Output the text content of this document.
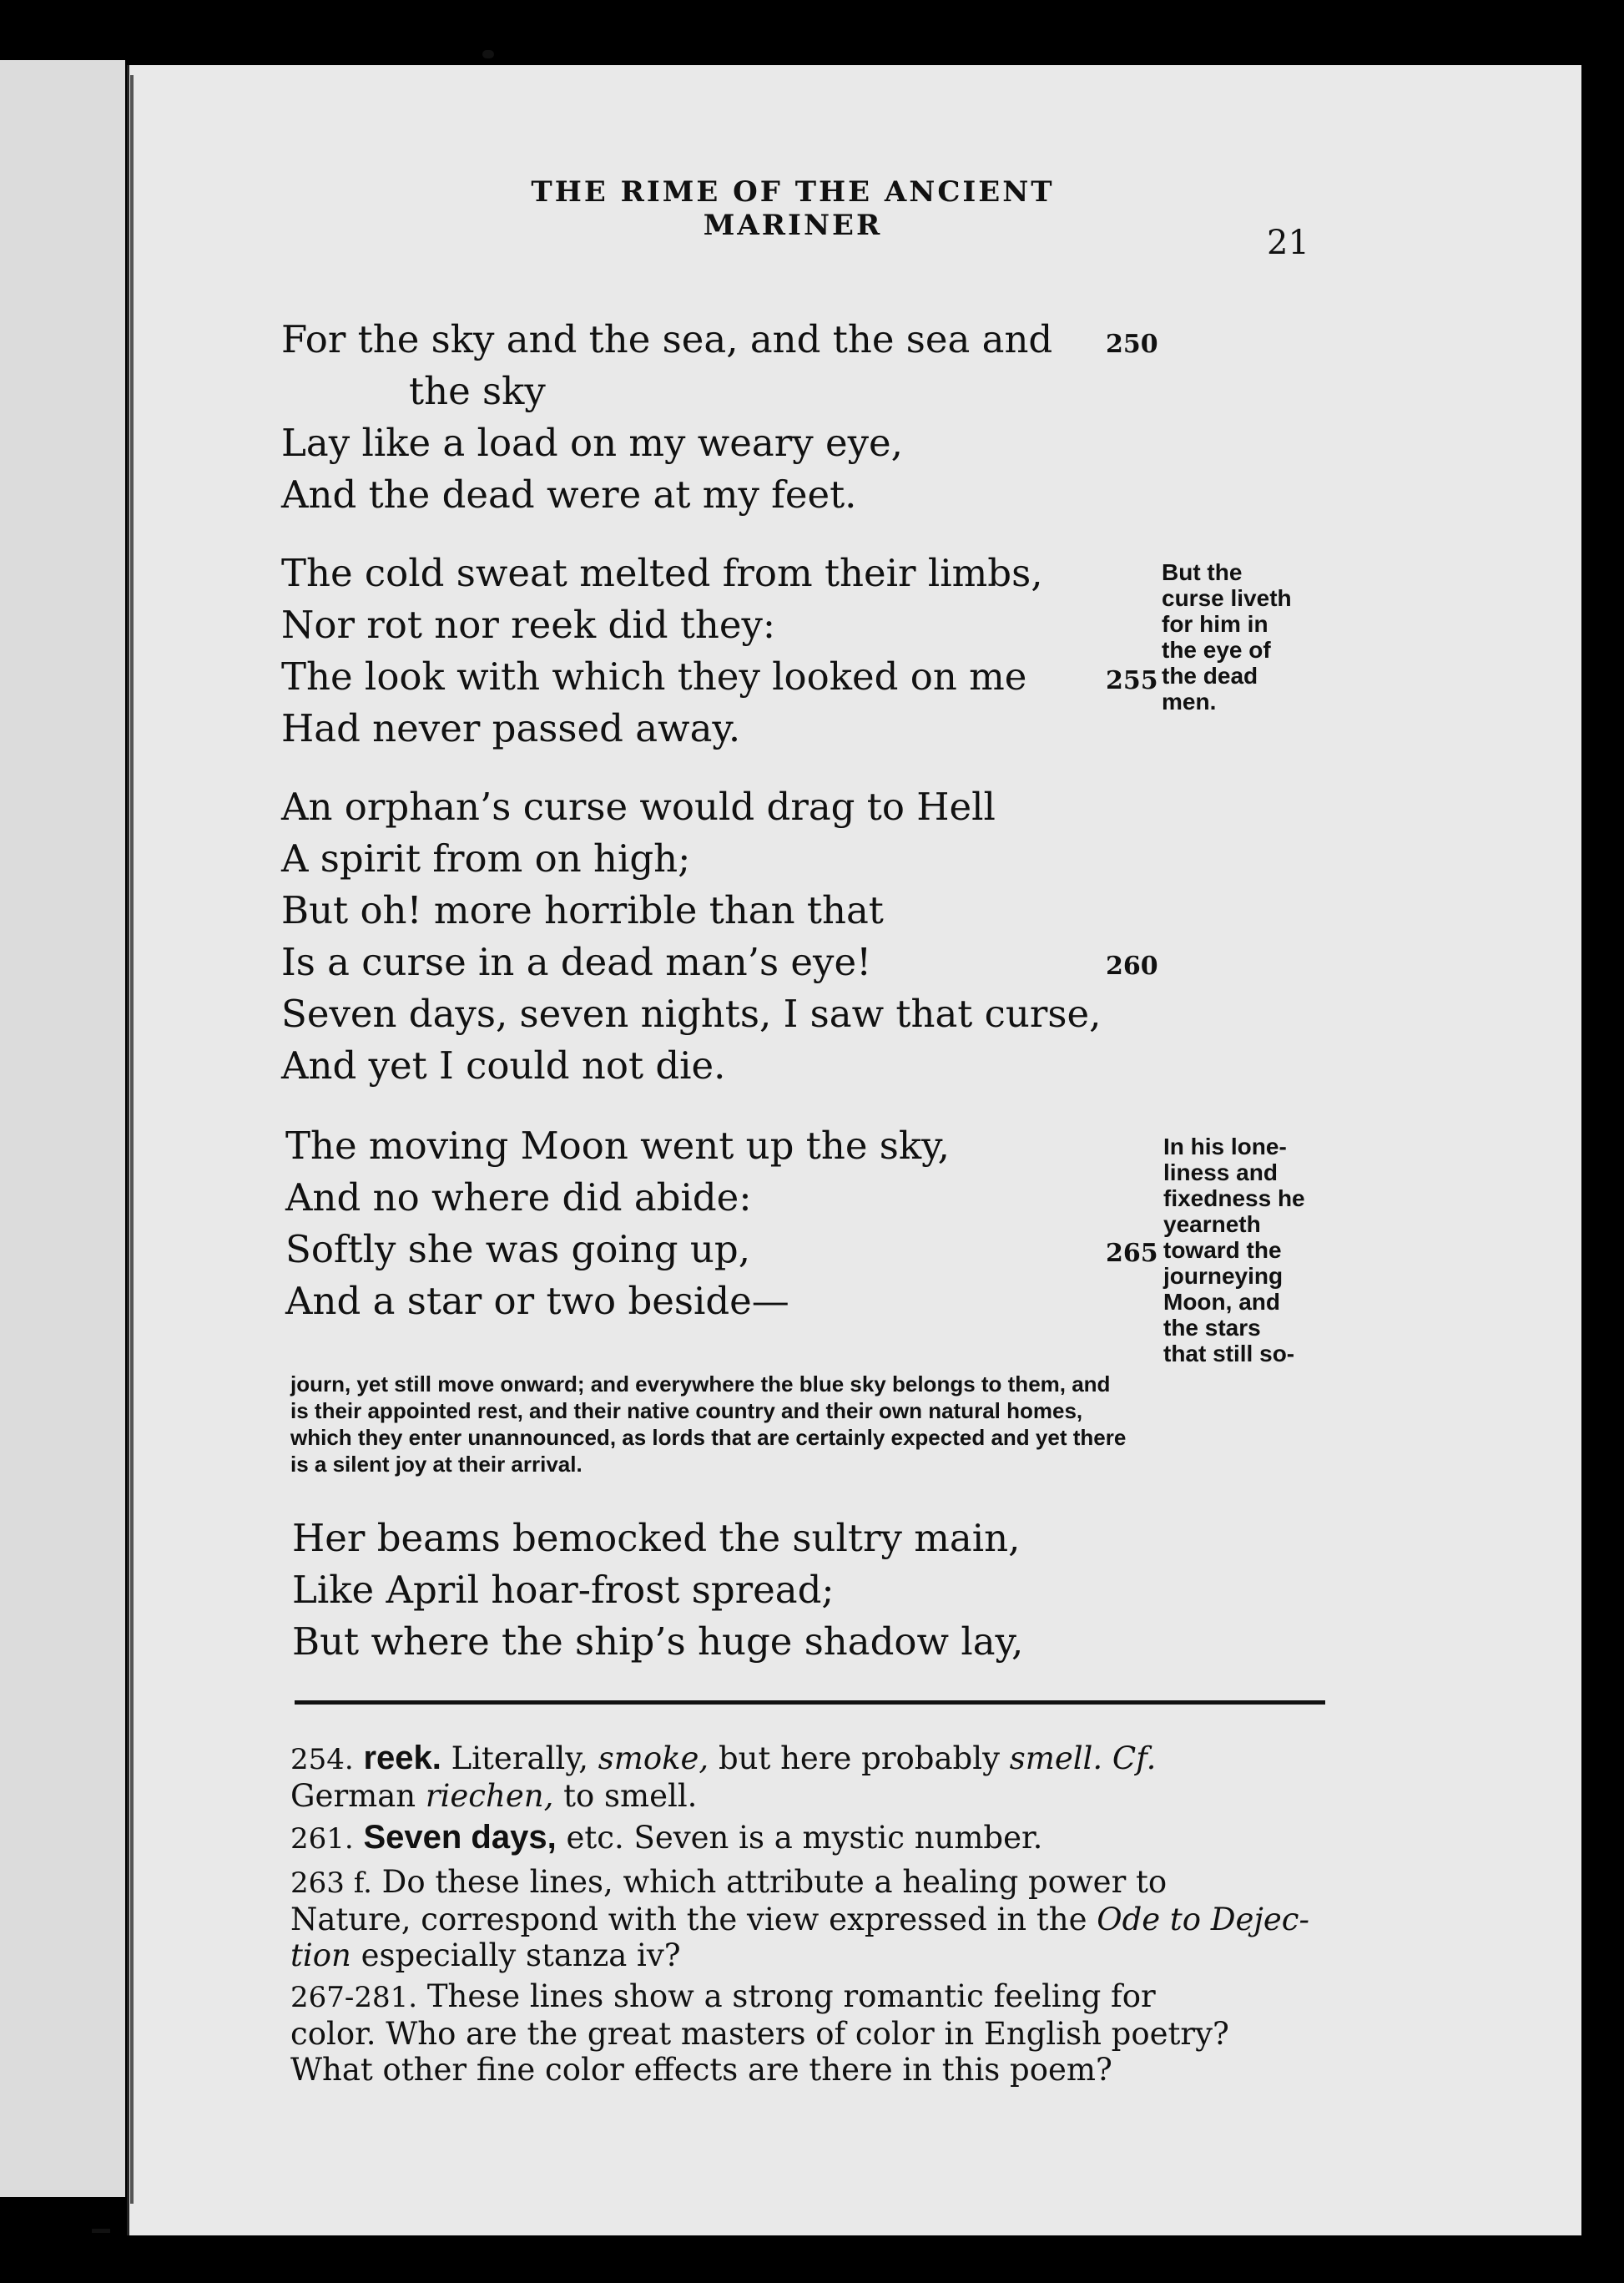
THE RIME OF THE ANCIENT MARINER	21
For the sky and the sea, and the sea and
the sky
Lay like a load on my weary eye,
And the dead were at my feet.
The cold sweat melted from their limbs,
Nor rot nor reek did they:
The look with which they looked on me
Had never passed away.
An orphan’s curse would drag to Hell
A spirit from on high;
But oh! more horrible than that
Is a curse in a dead man’s eye!
Seven days, seven nights, I saw that curse,
And yet I could not die.
The moving Moon went up the sky,
And no where did abide:
Softly she was going up,
And a star or two beside—
Her beams bemocked the sultry main,
Like April hoar-frost spread;
But where the ship’s huge shadow lay,
250
255
260
265
But the
curse liveth
for him in
the eye of
the dead
men.
In his lone-
liness and
fixedness he
yearneth
toward the
journeying
Moon, and
the stars
that still so-
journ, yet still move onward; and everywhere the blue sky belongs to them, and
is their appointed rest, and their native country and their own natural homes,
which they enter unannounced, as lords that are certainly expected and yet there
is a silent joy at their arrival.
254. reek. Literally, smoke, but here probably smell. Cf.
German riechen, to smell.
261. Seven days, etc. Seven is a mystic number.
263 f. Do these lines, which attribute a healing power to
Nature, correspond with the view expressed in the Ode to Dejec-
tion especially stanza iv?
267-281. These lines show a strong romantic feeling for
color. Who are the great masters of color in English poetry?
What other fine color effects are there in this poem?
